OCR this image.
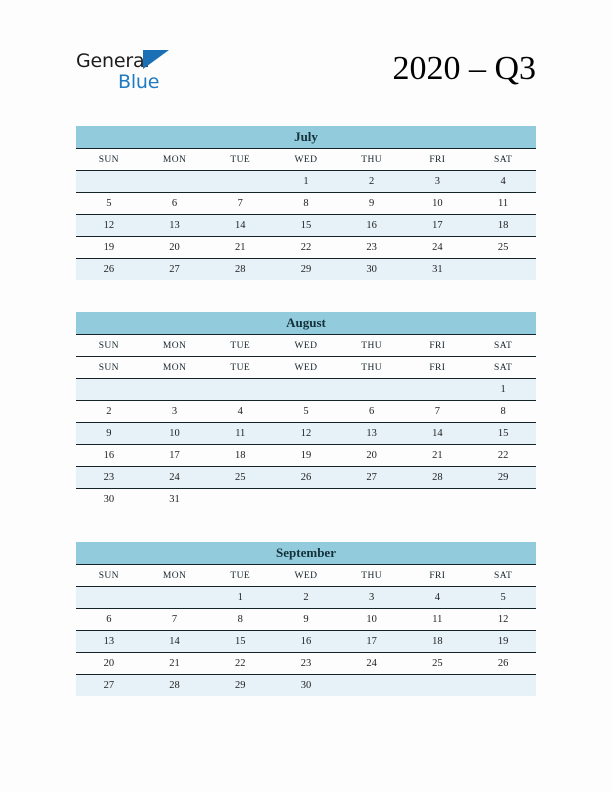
General
Blue	2020 – Q3
July
SUN	MON	TUE	WED	THU	FRI	SAT
			1	2	3	4
5	6	7	8	9	10	11
12	13	14	15	16	17	18
19	20	21	22	23	24	25
26	27	28	29	30	31	
August
SUN	MON	TUE	WED	THU	FRI	SAT
SUN	MON	TUE	WED	THU	FRI	SAT
						1
2	3	4	5	6	7	8
9	10	11	12	13	14	15
16	17	18	19	20	21	22
23	24	25	26	27	28	29
30	31					
September
SUN	MON	TUE	WED	THU	FRI	SAT
		1	2	3	4	5
6	7	8	9	10	11	12
13	14	15	16	17	18	19
20	21	22	23	24	25	26
27	28	29	30			
